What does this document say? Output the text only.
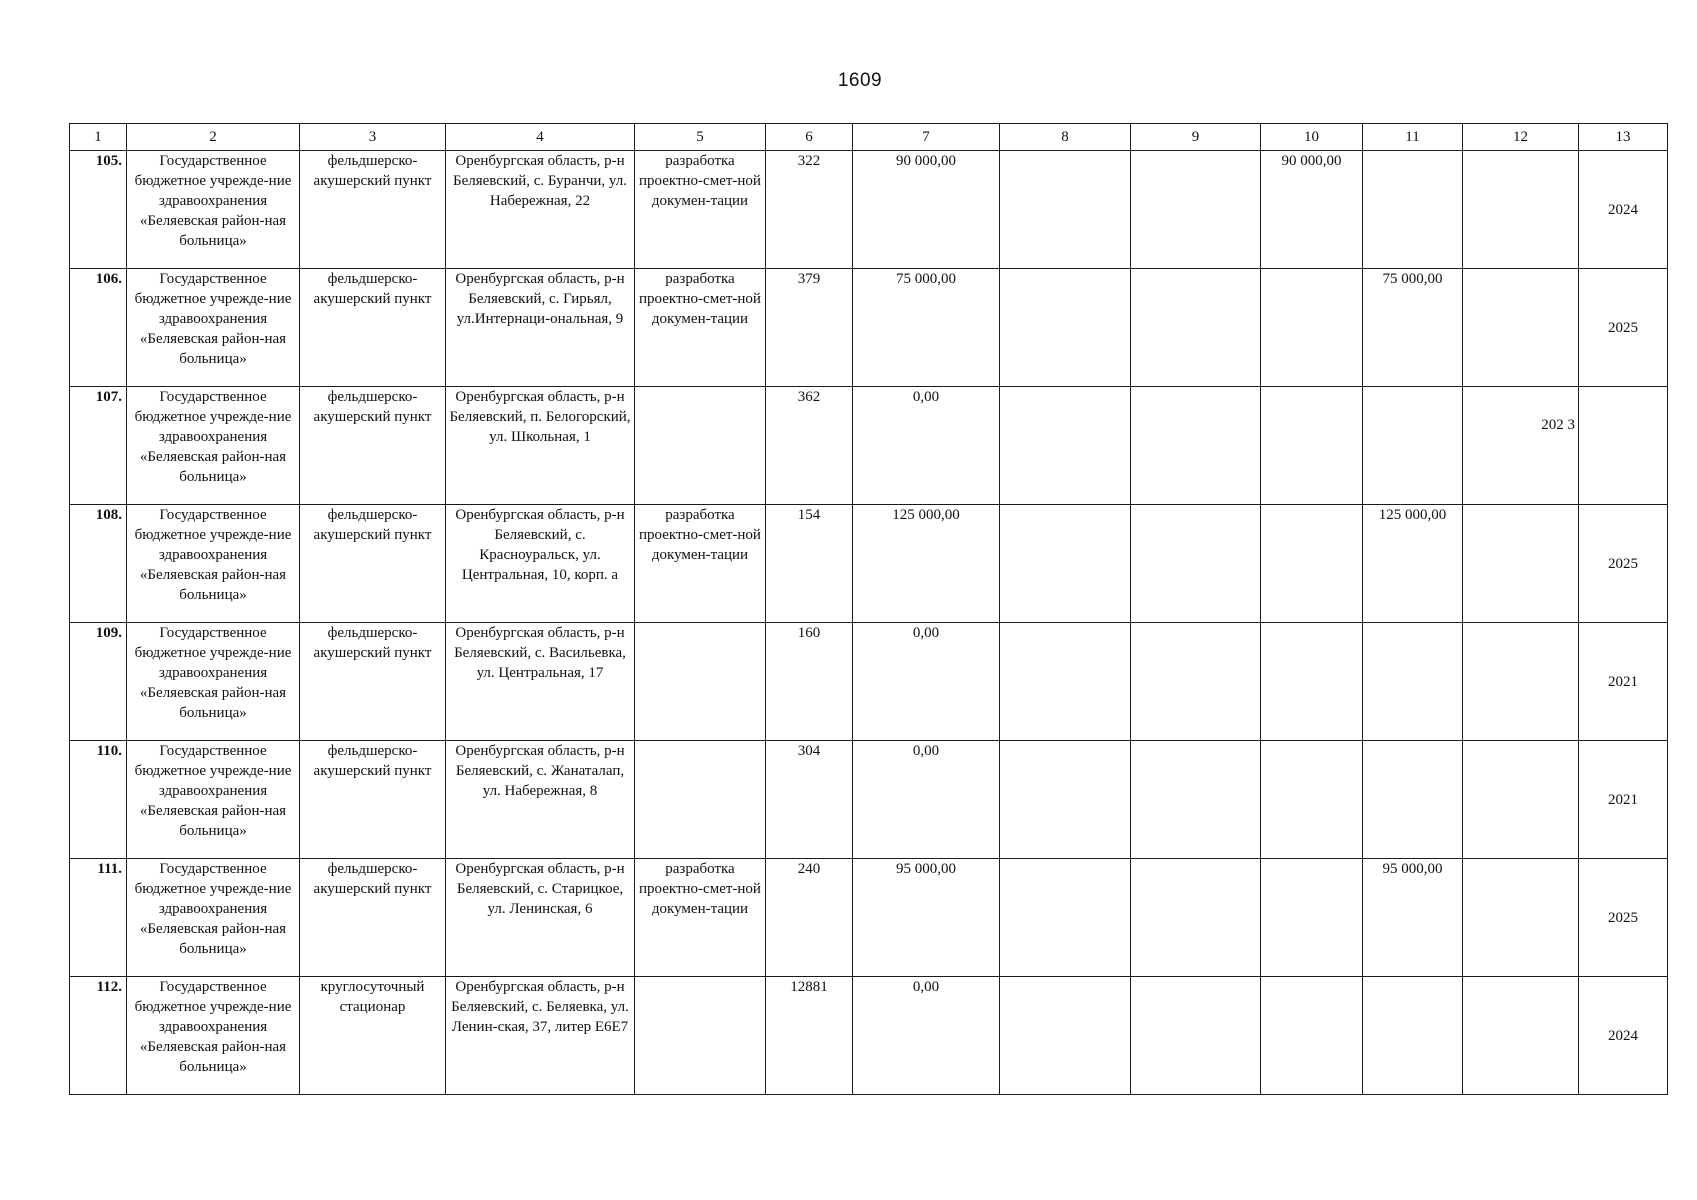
1609
1	2	3	4	5	6	7	8	9	10	11	12	13
105.	Государственное бюджетное учрежде-ние здравоохранения «Беляевская район-ная больница»	фельдшерско-акушерский пункт	Оренбургская область, р-н Беляевский, с. Буранчи, ул. Набережная, 22	разработка проектно-смет-ной докумен-тации	322	90 000,00			90 000,00			2024
106.	Государственное бюджетное учрежде-ние здравоохранения «Беляевская район-ная больница»	фельдшерско-акушерский пункт	Оренбургская область, р-н Беляевский, с. Гирьял, ул.Интернаци-ональная, 9	разработка проектно-смет-ной докумен-тации	379	75 000,00				75 000,00		2025
107.	Государственное бюджетное учрежде-ние здравоохранения «Беляевская район-ная больница»	фельдшерско-акушерский пункт	Оренбургская область, р-н Беляевский, п. Белогорский, ул. Школьная, 1		362	0,00					202 3	
108.	Государственное бюджетное учрежде-ние здравоохранения «Беляевская район-ная больница»	фельдшерско-акушерский пункт	Оренбургская область, р-н Беляевский, с. Красноуральск, ул. Центральная, 10, корп. а	разработка проектно-смет-ной докумен-тации	154	125 000,00				125 000,00		2025
109.	Государственное бюджетное учрежде-ние здравоохранения «Беляевская район-ная больница»	фельдшерско-акушерский пункт	Оренбургская область, р-н Беляевский, с. Васильевка, ул. Центральная, 17		160	0,00						2021
110.	Государственное бюджетное учрежде-ние здравоохранения «Беляевская район-ная больница»	фельдшерско-акушерский пункт	Оренбургская область, р-н Беляевский, с. Жанаталап, ул. Набережная, 8		304	0,00						2021
111.	Государственное бюджетное учрежде-ние здравоохранения «Беляевская район-ная больница»	фельдшерско-акушерский пункт	Оренбургская область, р-н Беляевский, с. Старицкое, ул. Ленинская, 6	разработка проектно-смет-ной докумен-тации	240	95 000,00				95 000,00		2025
112.	Государственное бюджетное учрежде-ние здравоохранения «Беляевская район-ная больница»	круглосуточный стационар	Оренбургская область, р-н Беляевский, с. Беляевка, ул. Ленин-ская, 37, литер Е6Е7		12881	0,00						2024
